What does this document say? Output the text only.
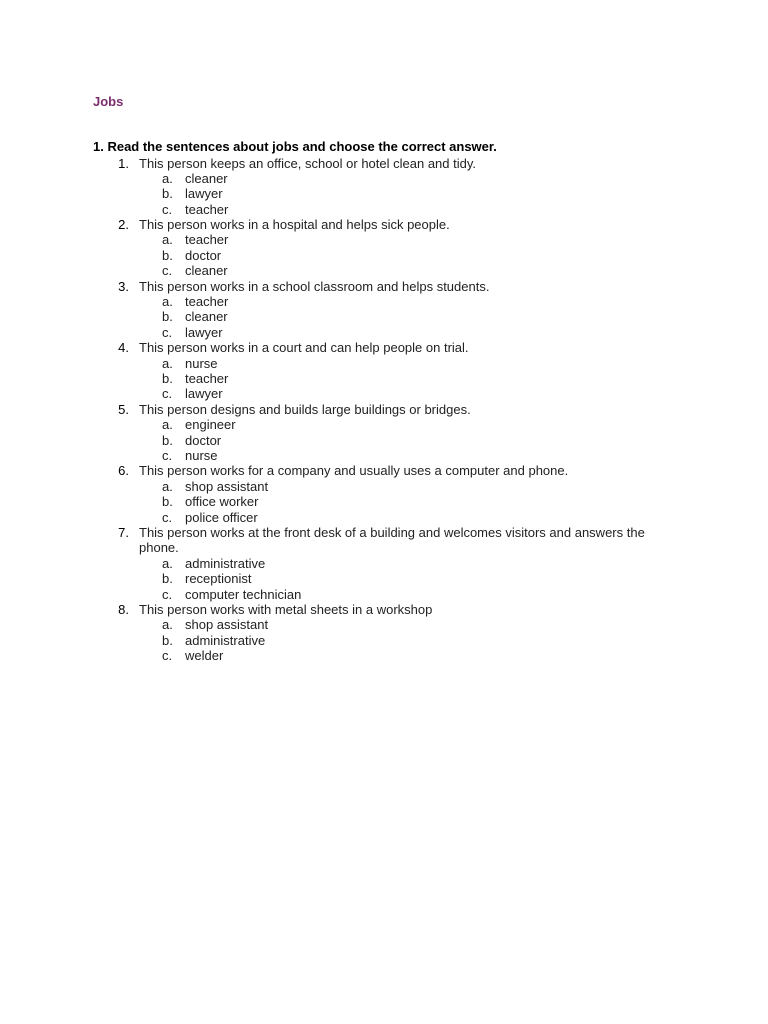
Jobs
1. Read the sentences about jobs and choose the correct answer.
1. This person keeps an office, school or hotel clean and tidy.
a. cleaner
b. lawyer
c. teacher
2. This person works in a hospital and helps sick people.
a. teacher
b. doctor
c. cleaner
3. This person works in a school classroom and helps students.
a. teacher
b. cleaner
c. lawyer
4. This person works in a court and can help people on trial.
a. nurse
b. teacher
c. lawyer
5. This person designs and builds large buildings or bridges.
a. engineer
b. doctor
c. nurse
6. This person works for a company and usually uses a computer and phone.
a. shop assistant
b. office worker
c. police officer
7. This person works at the front desk of a building and welcomes visitors and answers the phone.
a. administrative
b. receptionist
c. computer technician
8. This person works with metal sheets in a workshop
a. shop assistant
b. administrative
c. welder
